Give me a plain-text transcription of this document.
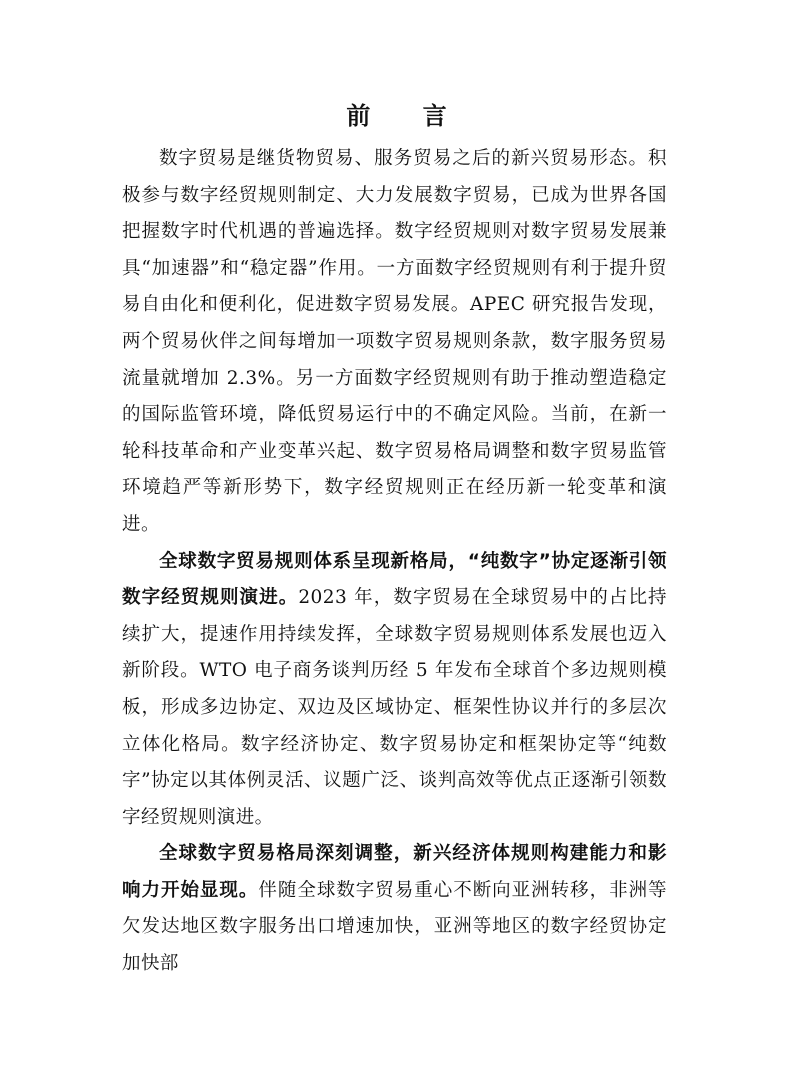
前 言

数字贸易是继货物贸易、服务贸易之后的新兴贸易形态。积极参与数字经贸规则制定、大力发展数字贸易，已成为世界各国把握数字时代机遇的普遍选择。数字经贸规则对数字贸易发展兼具“加速器”和“稳定器”作用。一方面数字经贸规则有利于提升贸易自由化和便利化，促进数字贸易发展。APEC 研究报告发现，两个贸易伙伴之间每增加一项数字贸易规则条款，数字服务贸易流量就增加 2.3%。另一方面数字经贸规则有助于推动塑造稳定的国际监管环境，降低贸易运行中的不确定风险。当前，在新一轮科技革命和产业变革兴起、数字贸易格局调整和数字贸易监管环境趋严等新形势下，数字经贸规则正在经历新一轮变革和演进。

全球数字贸易规则体系呈现新格局，“纯数字”协定逐渐引领数字经贸规则演进。2023 年，数字贸易在全球贸易中的占比持续扩大，提速作用持续发挥，全球数字贸易规则体系发展也迈入新阶段。WTO 电子商务谈判历经 5 年发布全球首个多边规则模板，形成多边协定、双边及区域协定、框架性协议并行的多层次立体化格局。数字经济协定、数字贸易协定和框架协定等“纯数字”协定以其体例灵活、议题广泛、谈判高效等优点正逐渐引领数字经贸规则演进。

全球数字贸易格局深刻调整，新兴经济体规则构建能力和影响力开始显现。伴随全球数字贸易重心不断向亚洲转移，非洲等欠发达地区数字服务出口增速加快，亚洲等地区的数字经贸协定加快部
